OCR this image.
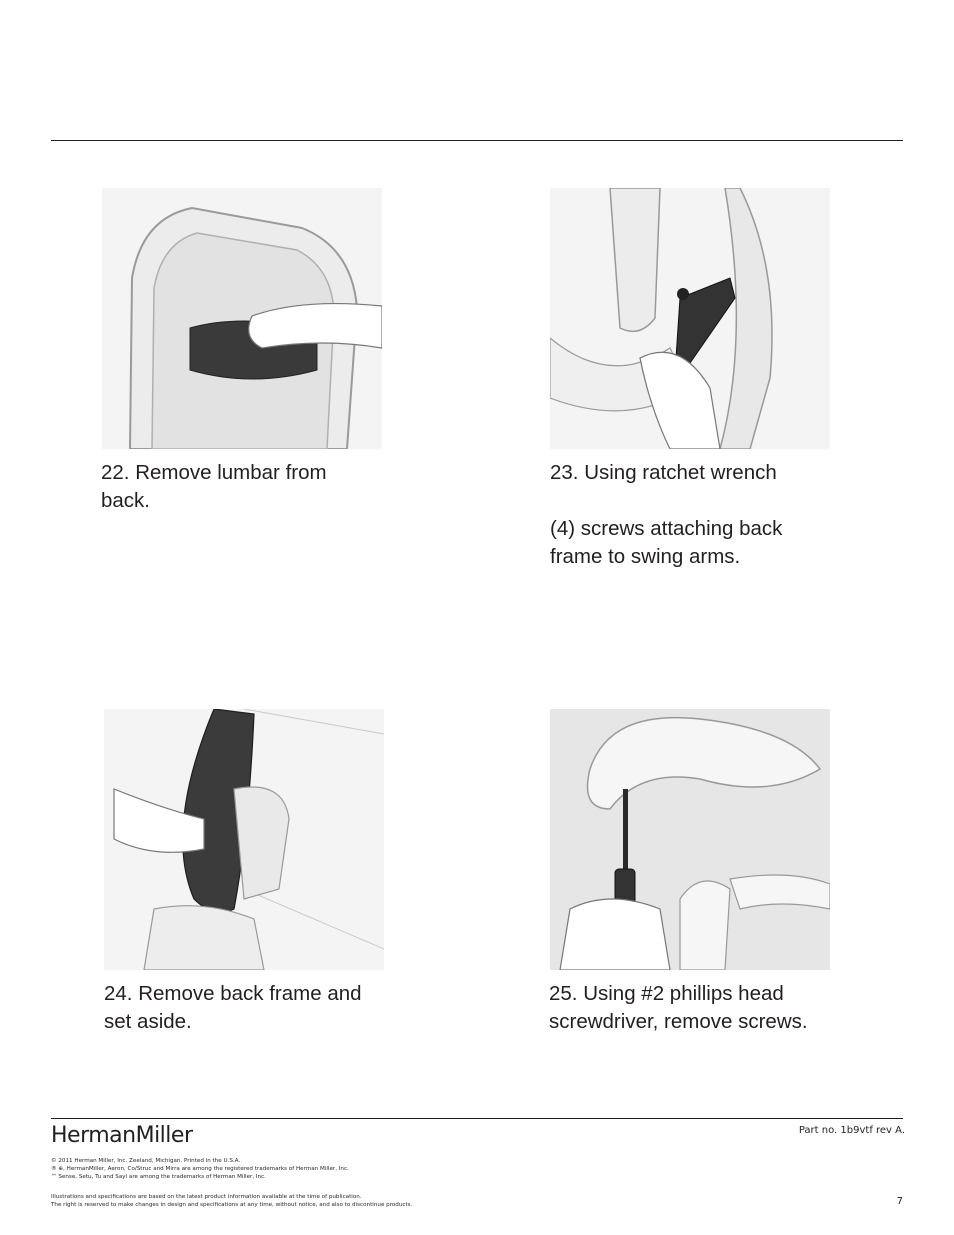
22. Remove lumbar from

back.

23. Using ratchet wrench

(4) screws attaching back

frame to swing arms.

24. Remove back frame and

set aside.

25. Using #2 phillips head

screwdriver, remove screws.

HermanMiller	Part no. 1b9vtf rev A.
© 2011 Herman Miller, Inc. Zeeland, Michigan. Printed in the U.S.A.
® ⊕, HermanMiller, Aeron, Co/Struc and Mirra are among the registered trademarks of Herman Miller, Inc.
™ Sense, Setu, Tu and Sayl are among the trademarks of Herman Miller, Inc.
Illustrations and specifications are based on the latest product information available at the time of publication.
The right is reserved to make changes in design and specifications at any time, without notice, and also to discontinue products.	7
